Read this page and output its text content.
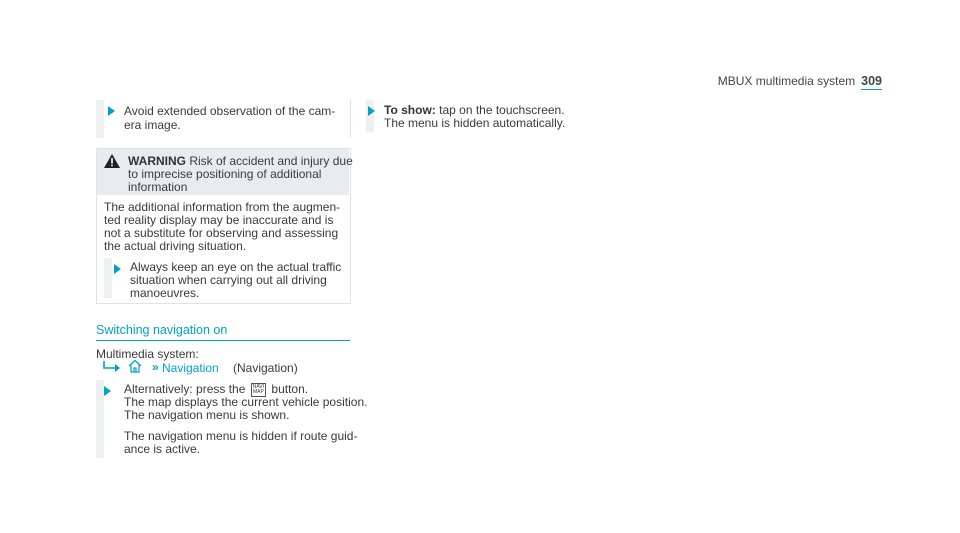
MBUX multimedia system 309
Avoid extended observation of the cam-
era image.
WARNING Risk of accident and injury due
to imprecise positioning of additional
information
The additional information from the augmen-
ted reality display may be inaccurate and is
not a substitute for observing and assessing
the actual driving situation.
Always keep an eye on the actual traffic
situation when carrying out all driving
manoeuvres.
Switching navigation on
Multimedia system:
» Navigation (Navigation)
Alternatively: press the NAVI
MAP button.
The map displays the current vehicle position.
The navigation menu is shown.
The navigation menu is hidden if route guid-
ance is active.
To show: tap on the touchscreen.
The menu is hidden automatically.
